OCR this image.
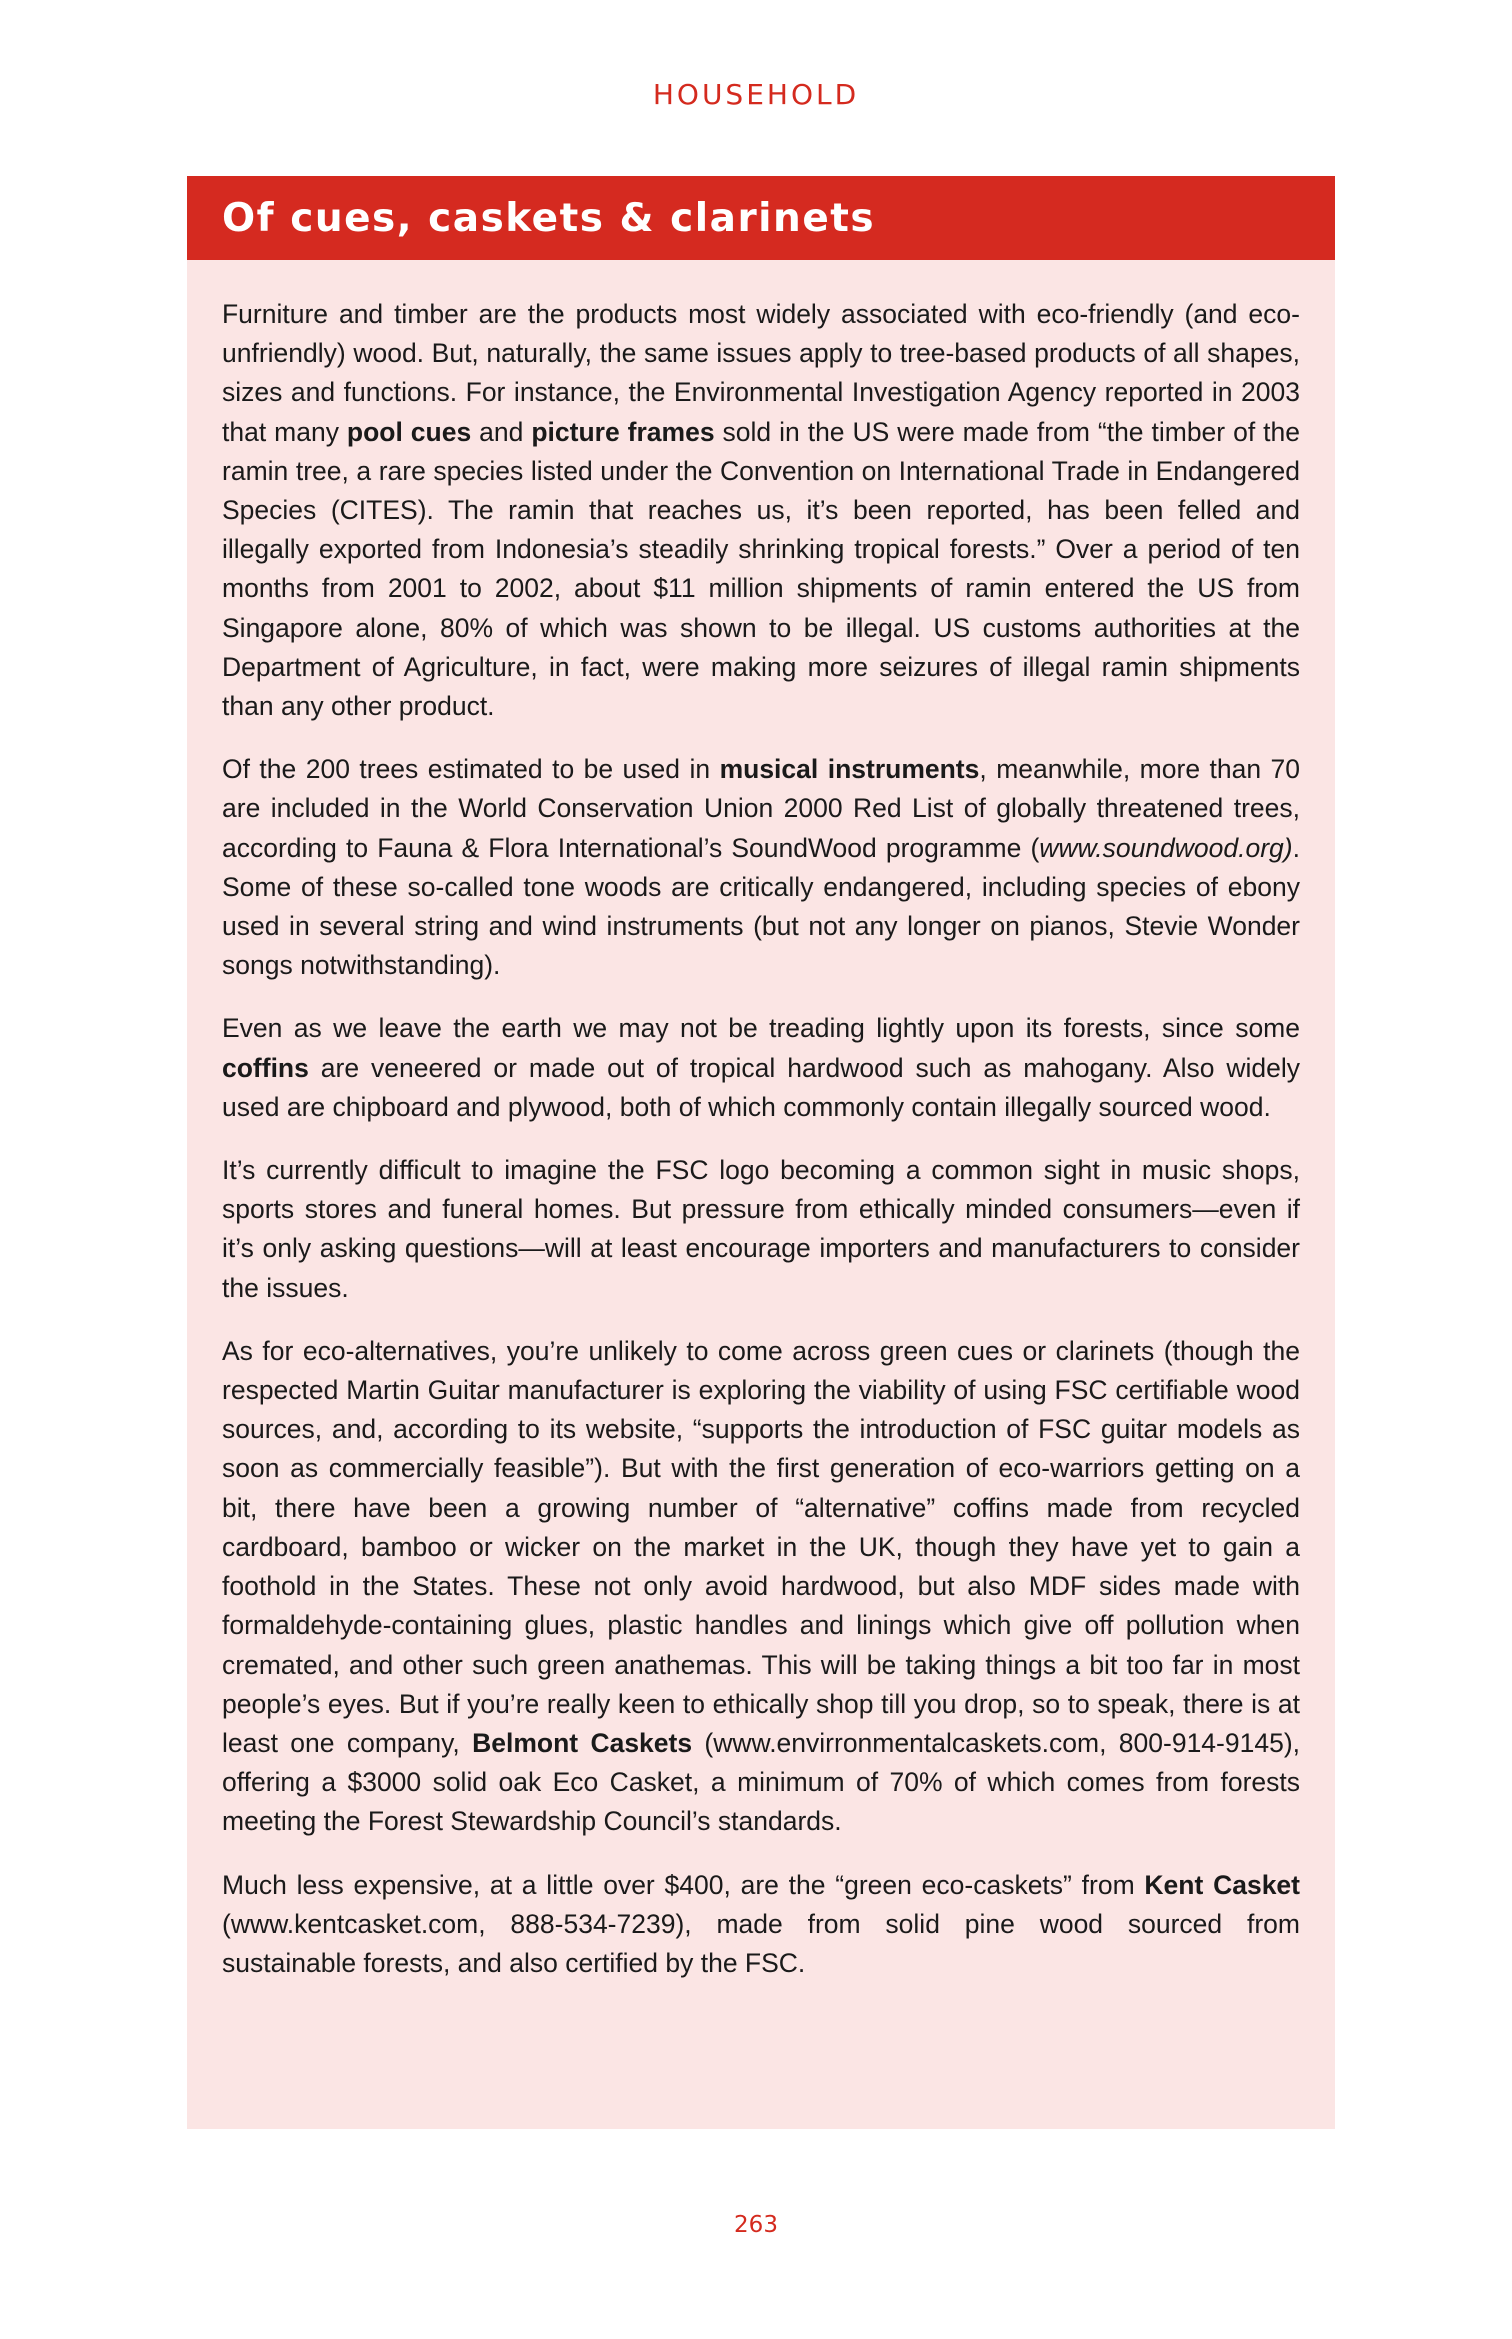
HOUSEHOLD
Of cues, caskets & clarinets

Furniture and timber are the products most widely associated with eco-friendly (and eco-unfriendly) wood. But, naturally, the same issues apply to tree-based products of all shapes, sizes and functions. For instance, the Environmental Investigation Agency reported in 2003 that many pool cues and picture frames sold in the US were made from “the timber of the ramin tree, a rare species listed under the Convention on International Trade in Endangered Species (CITES). The ramin that reaches us, it’s been reported, has been felled and illegally exported from Indonesia’s steadily shrinking tropical forests.” Over a period of ten months from 2001 to 2002, about $11 million shipments of ramin entered the US from Singapore alone, 80% of which was shown to be illegal. US customs authorities at the Department of Agriculture, in fact, were making more seizures of illegal ramin shipments than any other product.

Of the 200 trees estimated to be used in musical instruments, meanwhile, more than 70 are included in the World Conservation Union 2000 Red List of globally threatened trees, according to Fauna & Flora International’s SoundWood programme (www.soundwood.org). Some of these so-called tone woods are critically endangered, including species of ebony used in several string and wind instruments (but not any longer on pianos, Stevie Wonder songs notwithstanding).

Even as we leave the earth we may not be treading lightly upon its forests, since some coffins are veneered or made out of tropical hardwood such as mahogany. Also widely used are chipboard and plywood, both of which commonly contain illegally sourced wood.

It’s currently difficult to imagine the FSC logo becoming a common sight in music shops, sports stores and funeral homes. But pressure from ethically minded consumers—even if it’s only asking questions—will at least encourage importers and manufacturers to consider the issues.

As for eco-alternatives, you’re unlikely to come across green cues or clarinets (though the respected Martin Guitar manufacturer is exploring the viability of using FSC certifiable wood sources, and, according to its website, “supports the introduction of FSC guitar models as soon as commercially feasible”). But with the first generation of eco-warriors getting on a bit, there have been a growing number of “alternative” coffins made from recycled cardboard, bamboo or wicker on the market in the UK, though they have yet to gain a foothold in the States. These not only avoid hardwood, but also MDF sides made with formaldehyde-containing glues, plastic handles and linings which give off pollution when cremated, and other such green anathemas. This will be taking things a bit too far in most people’s eyes. But if you’re really keen to ethically shop till you drop, so to speak, there is at least one company, Belmont Caskets (www.envirronmentalcaskets.com, 800-914-9145), offering a $3000 solid oak Eco Casket, a minimum of 70% of which comes from forests meeting the Forest Stewardship Council’s standards.

Much less expensive, at a little over $400, are the “green eco-caskets” from Kent Casket (www.kentcasket.com, 888-534-7239), made from solid pine wood sourced from sustainable forests, and also certified by the FSC.

263
